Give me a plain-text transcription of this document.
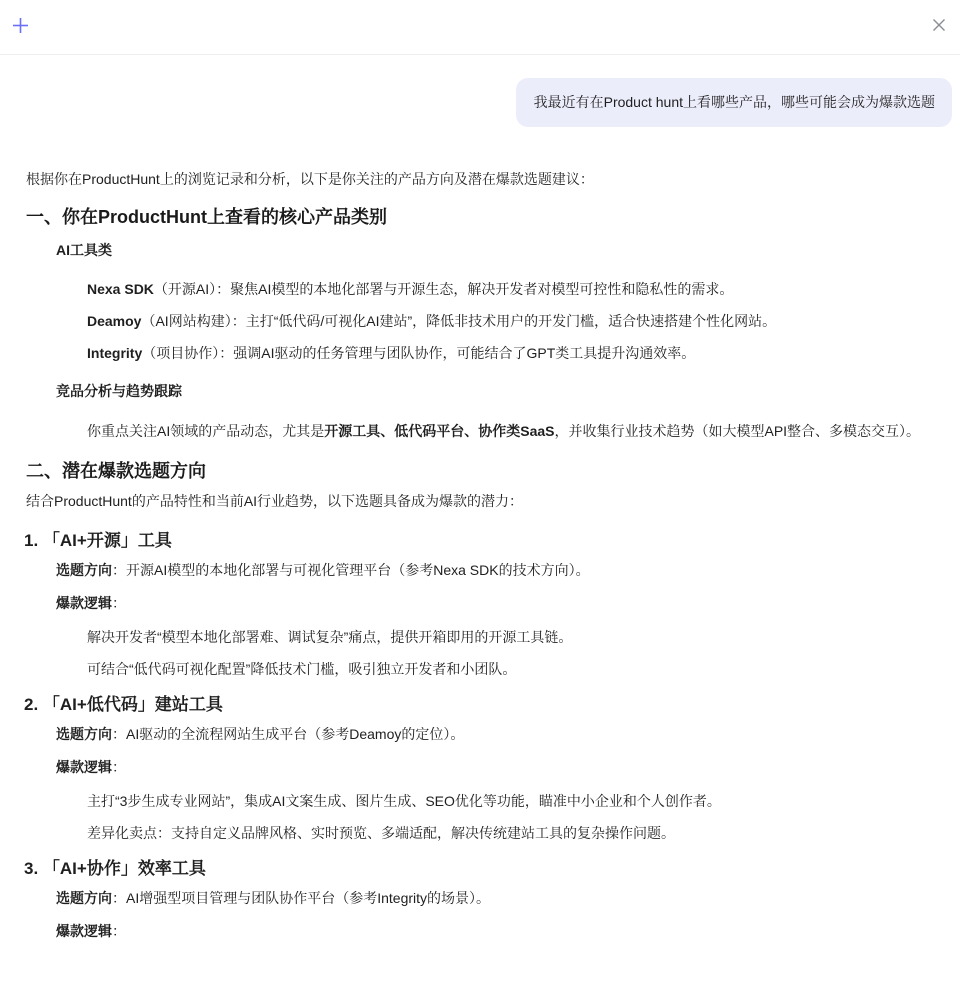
我最近有在Product hunt上看哪些产品，哪些可能会成为爆款选题
根据你在ProductHunt上的浏览记录和分析，以下是你关注的产品方向及潜在爆款选题建议：
一、你在ProductHunt上查看的核心产品类别
AI工具类
Nexa SDK（开源AI）：聚焦AI模型的本地化部署与开源生态，解决开发者对模型可控性和隐私性的需求。
Deamoy（AI网站构建）：主打“低代码/可视化AI建站”，降低非技术用户的开发门槛，适合快速搭建个性化网站。
Integrity（项目协作）：强调AI驱动的任务管理与团队协作，可能结合了GPT类工具提升沟通效率。
竞品分析与趋势跟踪
你重点关注AI领域的产品动态，尤其是开源工具、低代码平台、协作类SaaS，并收集行业技术趋势（如大模型API整合、多模态交互）。
二、潜在爆款选题方向
结合ProductHunt的产品特性和当前AI行业趋势，以下选题具备成为爆款的潜力：
1. 「AI+开源」工具
选题方向：开源AI模型的本地化部署与可视化管理平台（参考Nexa SDK的技术方向）。
爆款逻辑：
解决开发者“模型本地化部署难、调试复杂”痛点，提供开箱即用的开源工具链。
可结合“低代码可视化配置”降低技术门槛，吸引独立开发者和小团队。
2. 「AI+低代码」建站工具
选题方向：AI驱动的全流程网站生成平台（参考Deamoy的定位）。
爆款逻辑：
主打“3步生成专业网站”，集成AI文案生成、图片生成、SEO优化等功能，瞄准中小企业和个人创作者。
差异化卖点：支持自定义品牌风格、实时预览、多端适配，解决传统建站工具的复杂操作问题。
3. 「AI+协作」效率工具
选题方向：AI增强型项目管理与团队协作平台（参考Integrity的场景）。
爆款逻辑：
